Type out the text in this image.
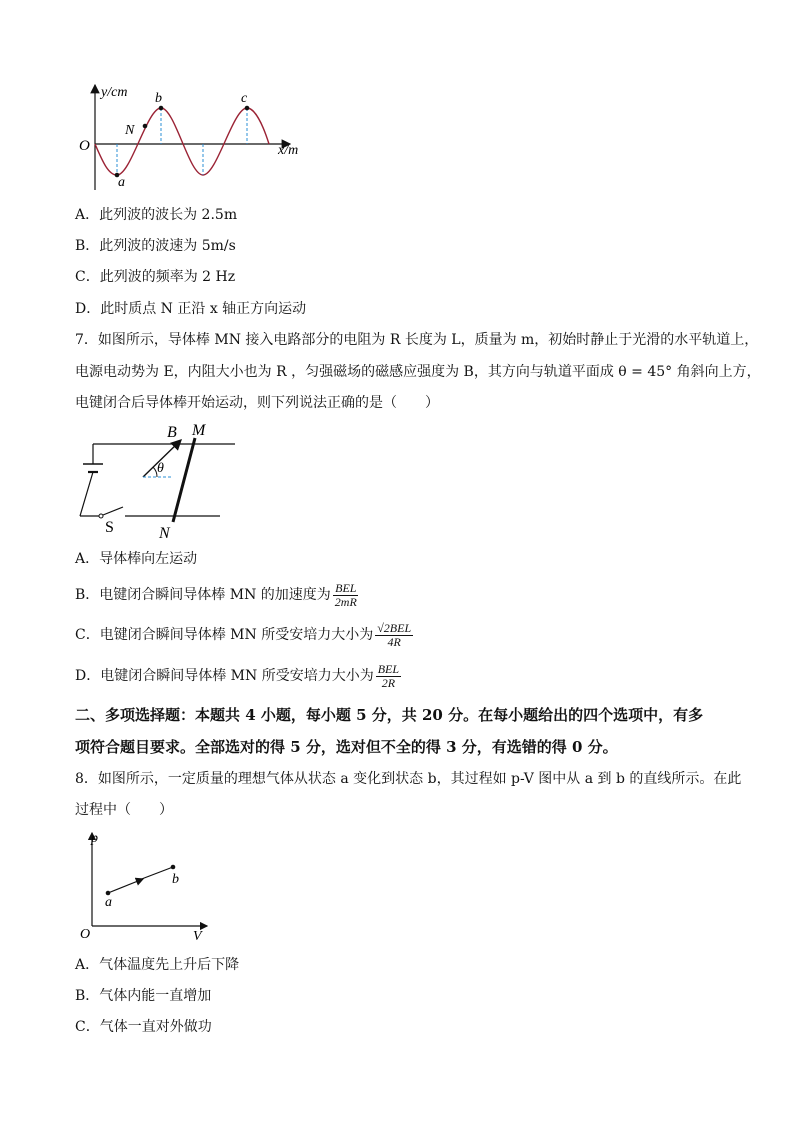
y/cm
x/m
O
a
b	c
N
A．此列波的波长为 2.5m
B．此列波的波速为 5m/s
C．此列波的频率为 2 Hz
D．此时质点 N 正沿 x 轴正方向运动
7．如图所示，导体棒 MN 接入电路部分的电阻为 R 长度为 L，质量为 m，初始时静止于光滑的水平轨道上，
电源电动势为 E，内阻大小也为 R ，匀强磁场的磁感应强度为 B，其方向与轨道平面成 θ = 45° 角斜向上方，
电键闭合后导体棒开始运动，则下列说法正确的是（　　）
B M
θ
N
S
A．导体棒向左运动
B．电键闭合瞬间导体棒 MN 的加速度为 $\frac{\text{BEL}}{2mR}$
C．电键闭合瞬间导体棒 MN 所受安培力大小为 $\frac{\text{√2BEL}}{4R}$
D．电键闭合瞬间导体棒 MN 所受安培力大小为 $\frac{\text{BEL}}{2R}$
二、多项选择题：本题共 4 小题，每小题 5 分，共 20 分。在每小题给出的四个选项中，有多
项符合题目要求。全部选对的得 5 分，选对但不全的得 3 分，有选错的得 0 分。
8．如图所示，一定质量的理想气体从状态 a 变化到状态 b，其过程如 p-V 图中从 a 到 b 的直线所示。在此
过程中（　　）
p
V
O
a
b
A．气体温度先上升后下降
B．气体内能一直增加
C．气体一直对外做功
